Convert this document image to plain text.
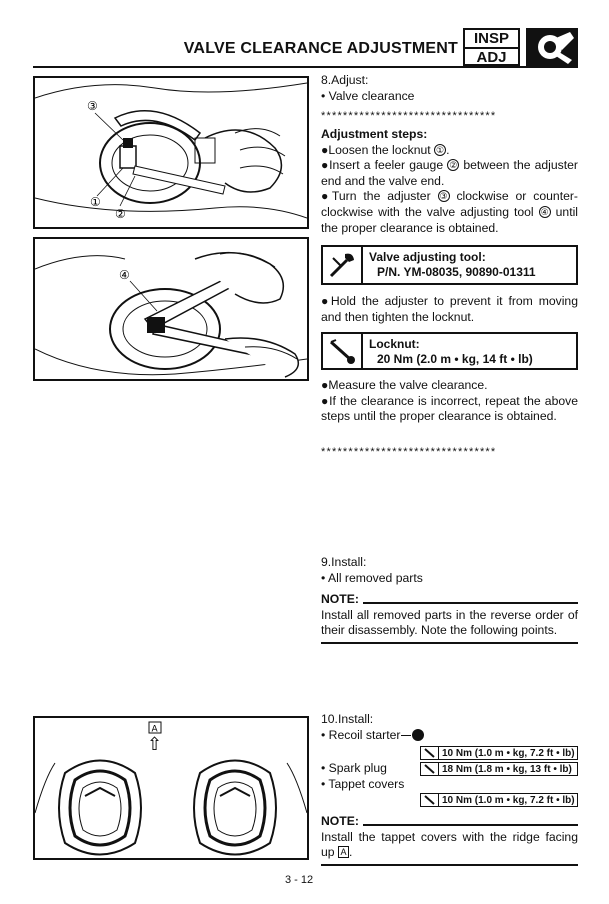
VALVE CLEARANCE ADJUSTMENT
INSP
ADJ
③
①
②
④
A
⇧
8.Adjust:
• Valve clearance
********************************
Adjustment steps:
●Loosen the locknut ① .
●Insert a feeler gauge ② between the adjuster end and the valve end.
●Turn the adjuster ③ clockwise or counter-clockwise with the valve adjusting tool ④ until the proper clearance is obtained.
Valve adjusting tool:
P/N. YM-08035, 90890-01311
●Hold the adjuster to prevent it from moving and then tighten the locknut.
Locknut:
20 Nm (2.0 m • kg, 14 ft • lb)
●Measure the valve clearance.
●If the clearance is incorrect, repeat the above steps until the proper clearance is obtained.
********************************
9.Install:
• All removed parts
NOTE:
Install all removed parts in the reverse order of their disassembly. Note the following points.
10.Install:
• Recoil starter
10 Nm (1.0 m • kg, 7.2 ft • lb)
• Spark plug	18 Nm (1.8 m • kg, 13 ft • lb)
• Tappet covers
10 Nm (1.0 m • kg, 7.2 ft • lb)
NOTE:
Install the tappet covers with the ridge facing up A .
3 - 12
